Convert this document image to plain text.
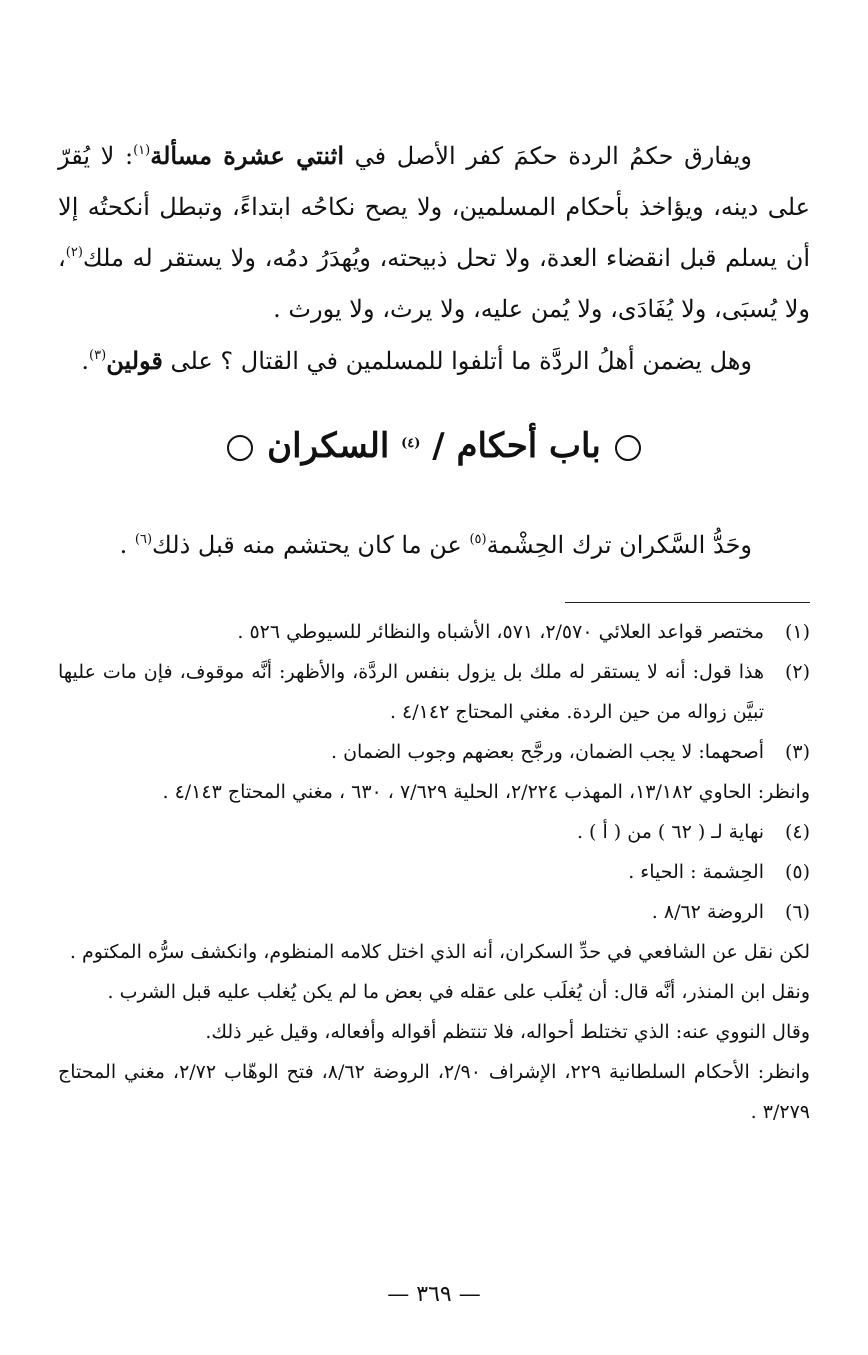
ويفارق حكمُ الردة حكمَ كفر الأصل في اثنتي عشرة مسألة$^{(١)}$: لا يُقرّ على دينه، ويؤاخذ بأحكام المسلمين، ولا يصح نكاحُه ابتداءً، وتبطل أنكحتُه إلا أن يسلم قبل انقضاء العدة، ولا تحل ذبيحته، ويُهدَرُ دمُه، ولا يستقر له ملك$^{(٢)}$، ولا يُسبَى، ولا يُفَادَى، ولا يُمن عليه، ولا يرث، ولا يورث .

وهل يضمن أهلُ الردَّة ما أتلفوا للمسلمين في القتال ؟ على قولين$^{(٣)}$.

باب أحكام / $^{(٤)}$ السكران
وحَدُّ السَّكران ترك الحِشْمة$^{(٥)}$ عن ما كان يحتشم منه قبل ذلك$^{(٦)}$ .
(١)
مختصر قواعد العلائي ٢/٥٧٠، ٥٧١، الأشباه والنظائر للسيوطي ٥٢٦ .
(٢)
هذا قول: أنه لا يستقر له ملك بل يزول بنفس الردَّة، والأظهر: أنَّه موقوف، فإن مات عليها تبيَّن زواله من حين الردة. مغني المحتاج ٤/١٤٢ .
(٣)
أصحهما: لا يجب الضمان، ورجَّح بعضهم وجوب الضمان .
وانظر: الحاوي ١٣/١٨٢، المهذب ٢/٢٢٤، الحلية ٧/٦٢٩ ، ٦٣٠ ، مغني المحتاج ٤/١٤٣ .
(٤)
نهاية لـ ( ٦٢ ) من ( أ ) .
(٥)
الحِشمة : الحياء .
(٦)
الروضة ٨/٦٢ .
لكن نقل عن الشافعي في حدِّ السكران، أنه الذي اختل كلامه المنظوم، وانكشف سرُّه المكتوم .
ونقل ابن المنذر، أنَّه قال: أن يُغلَب على عقله في بعض ما لم يكن يُغلب عليه قبل الشرب .
وقال النووي عنه: الذي تختلط أحواله، فلا تنتظم أقواله وأفعاله، وقيل غير ذلك.
وانظر: الأحكام السلطانية ٢٢٩، الإشراف ٢/٩٠، الروضة ٨/٦٢، فتح الوهّاب ٢/٧٢، مغني المحتاج ٣/٢٧٩ .
— ٣٦٩ —
